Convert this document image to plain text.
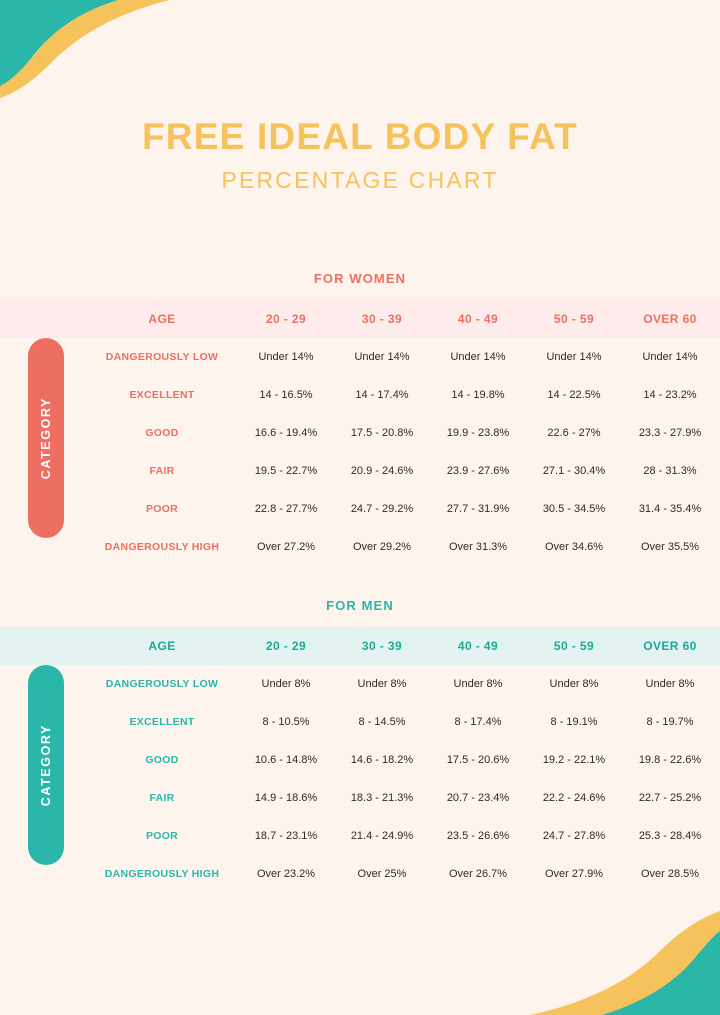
FREE IDEAL BODY FAT
PERCENTAGE CHART
FOR WOMEN
AGE	20 - 29	30 - 39	40 - 49	50 - 59	OVER 60
DANGEROUSLY LOW	Under 14%	Under 14%	Under 14%	Under 14%	Under 14%
EXCELLENT	14 - 16.5%	14 - 17.4%	14 - 19.8%	14 - 22.5%	14 - 23.2%
GOOD	16.6 - 19.4%	17.5 - 20.8%	19.9 - 23.8%	22.6 - 27%	23.3 - 27.9%
FAIR	19.5 - 22.7%	20.9 - 24.6%	23.9 - 27.6%	27.1 - 30.4%	28 - 31.3%
POOR	22.8 - 27.7%	24.7 - 29.2%	27.7 - 31.9%	30.5 - 34.5%	31.4 - 35.4%
DANGEROUSLY HIGH	Over 27.2%	Over 29.2%	Over 31.3%	Over 34.6%	Over 35.5%
CATEGORY
FOR MEN
AGE	20 - 29	30 - 39	40 - 49	50 - 59	OVER 60
DANGEROUSLY LOW	Under 8%	Under 8%	Under 8%	Under 8%	Under 8%
EXCELLENT	8 - 10.5%	8 - 14.5%	8 - 17.4%	8 - 19.1%	8 - 19.7%
GOOD	10.6 - 14.8%	14.6 - 18.2%	17.5 - 20.6%	19.2 - 22.1%	19.8 - 22.6%
FAIR	14.9 - 18.6%	18.3 - 21.3%	20.7 - 23.4%	22.2 - 24.6%	22.7 - 25.2%
POOR	18.7 - 23.1%	21.4 - 24.9%	23.5 - 26.6%	24.7 - 27.8%	25.3 - 28.4%
DANGEROUSLY HIGH	Over 23.2%	Over 25%	Over 26.7%	Over 27.9%	Over 28.5%
CATEGORY
